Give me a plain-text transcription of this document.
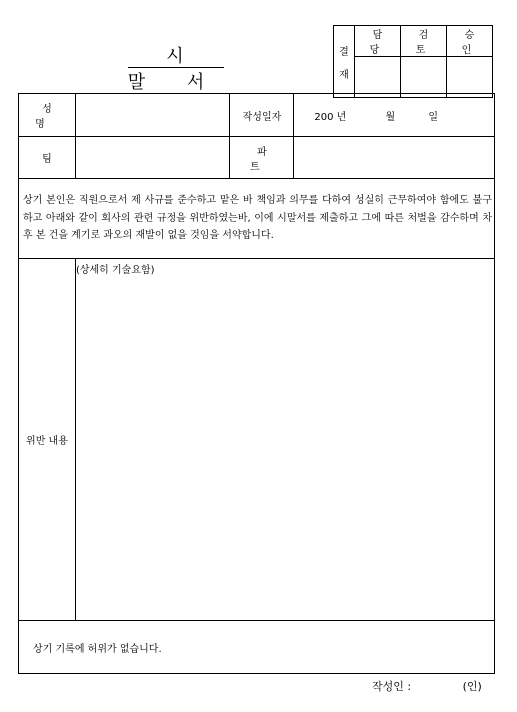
시 말 서
결
재	담 당	검 토	승 인

성 명		작성일자	200 년 월 일
팀		파 트	
상기 본인은 직원으로서 제 사규를 준수하고 맡은 바 책임과 의무를 다하여 성실히 근무하여야 함에도 불구하고 아래와 같이 회사의 관련 규정을 위반하였는바, 이에 시말서를 제출하고 그에 따른 처벌을 감수하며 차후 본 건을 계기로 과오의 재발이 없을 것임을 서약합니다.			
위반 내용	(상세히 기술요함)		
상기 기록에 허위가 없습니다.			
작성인 :	(인)
